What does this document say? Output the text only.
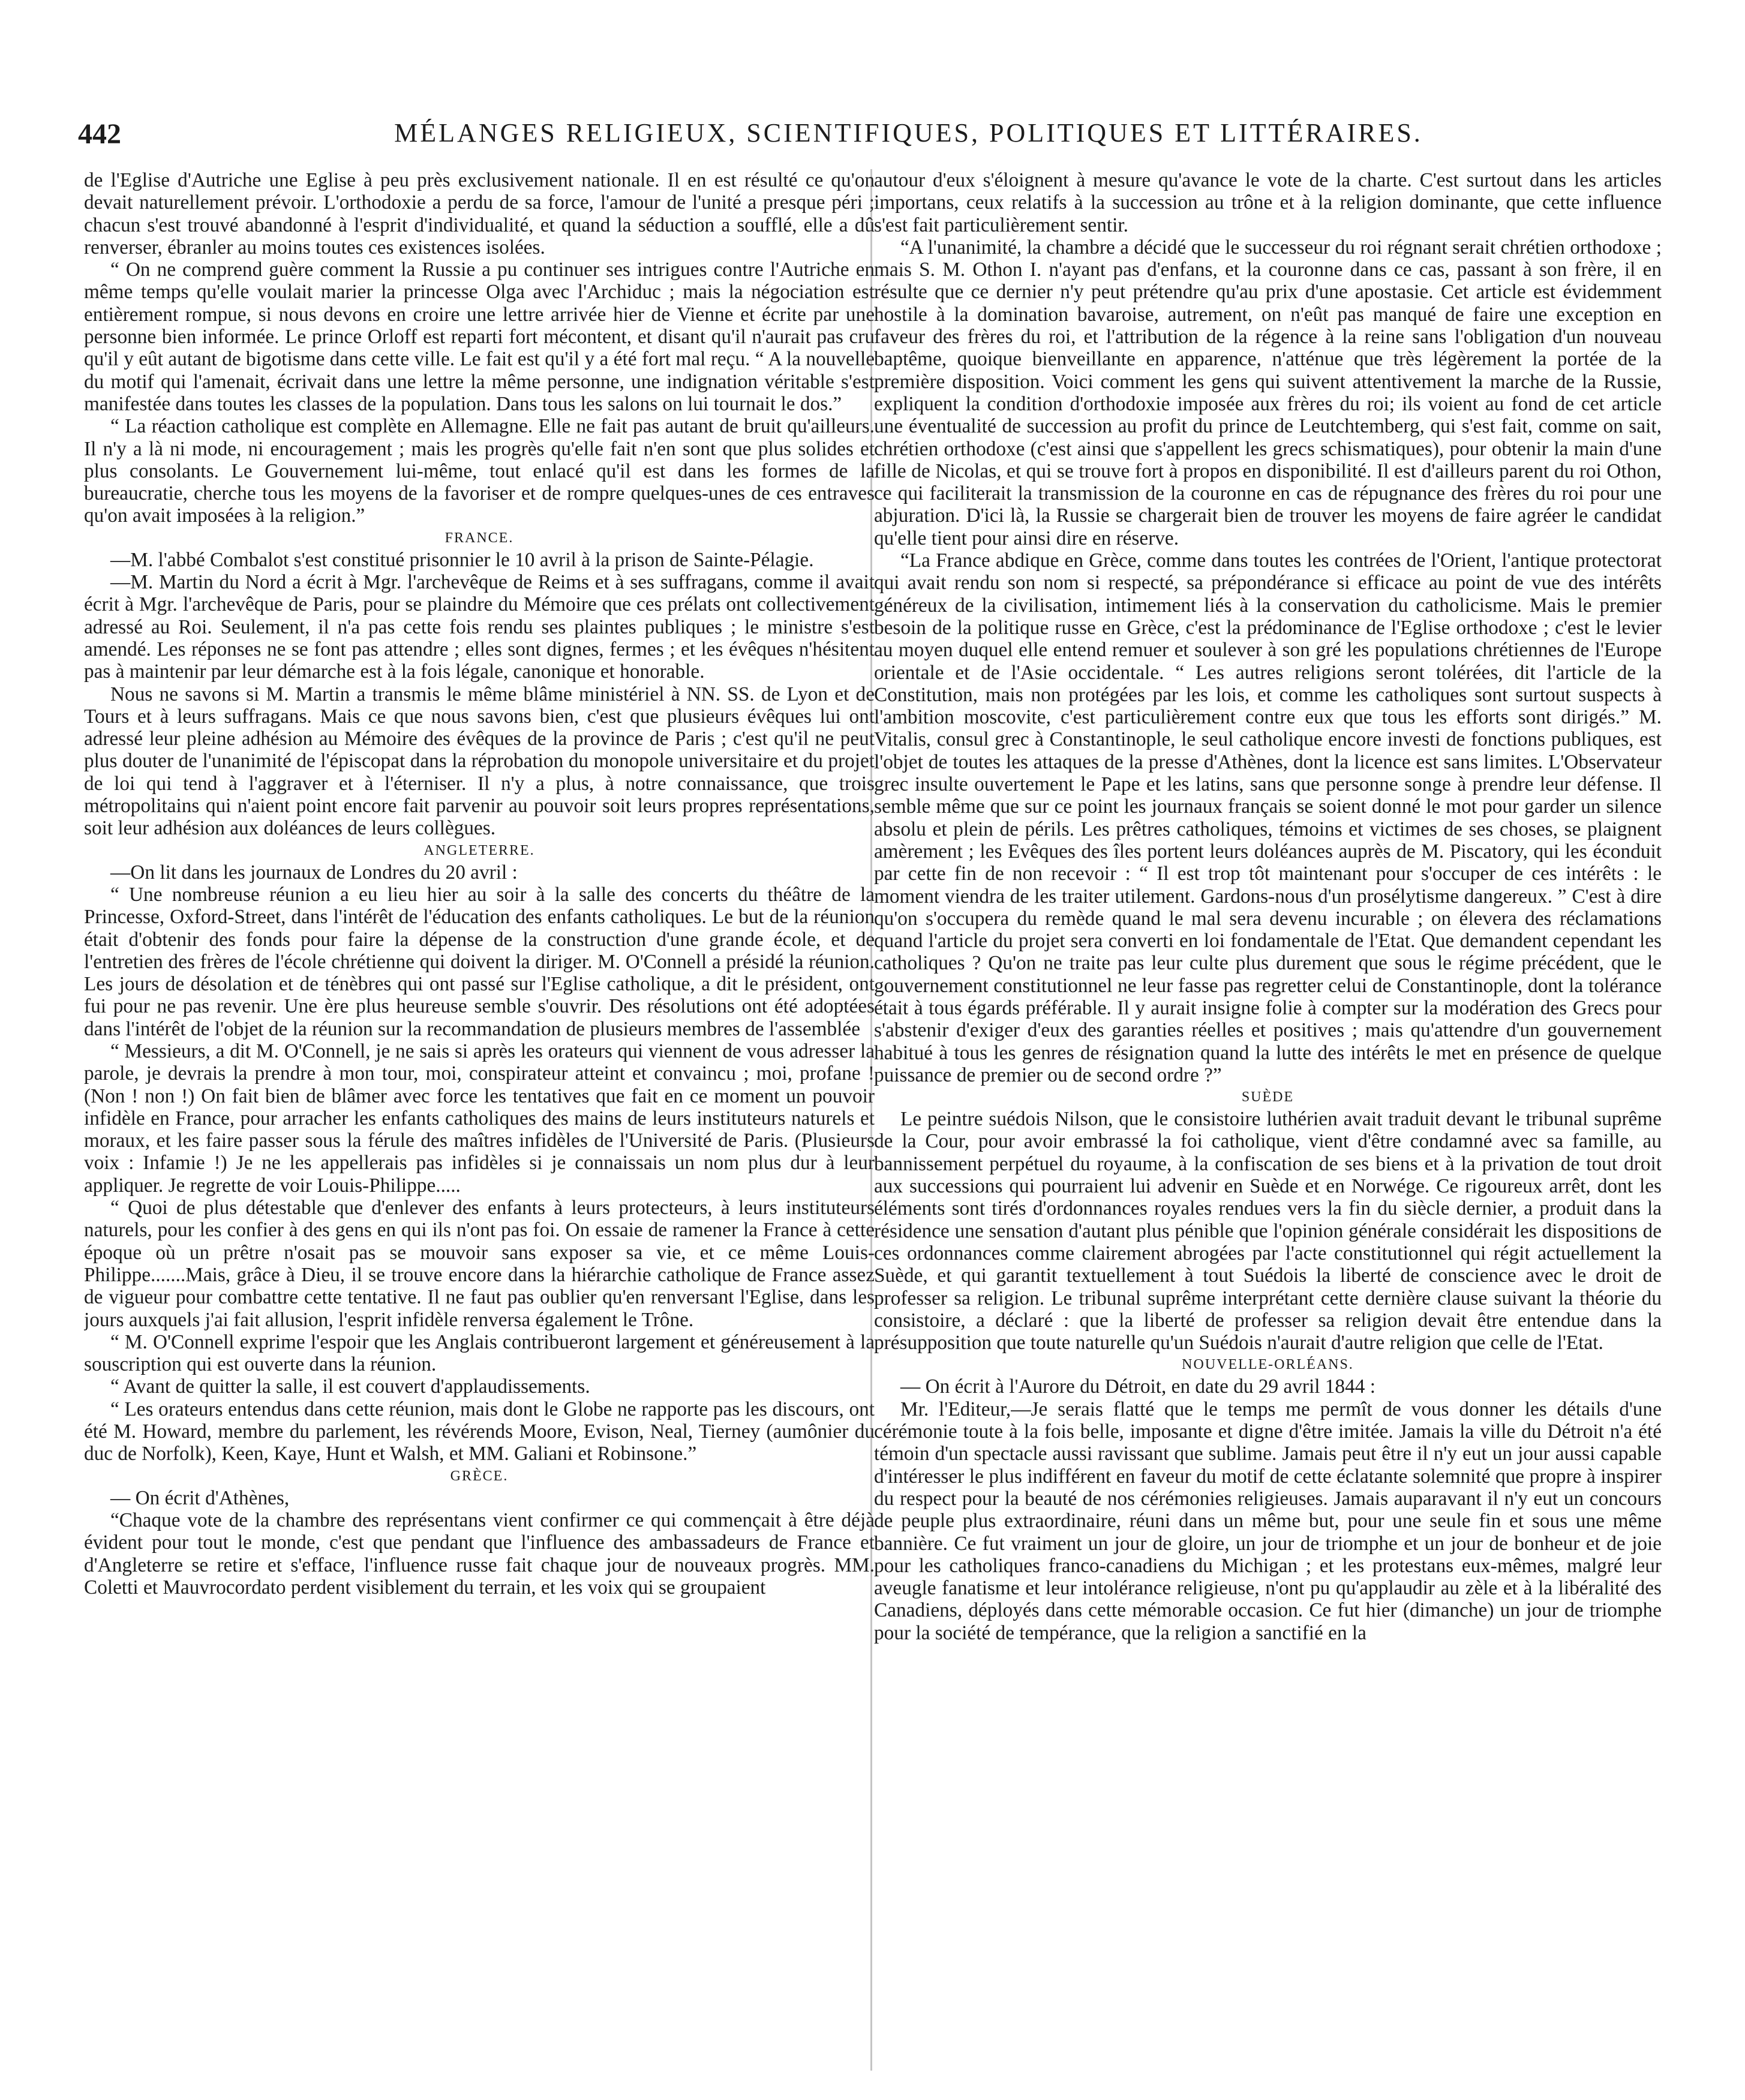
442	MÉLANGES RELIGIEUX, SCIENTIFIQUES, POLITIQUES ET LITTÉRAIRES.

de l'Eglise d'Autriche une Eglise à peu près exclusivement nationale. Il en est résulté ce qu'on devait naturellement prévoir. L'orthodoxie a perdu de sa force, l'amour de l'unité a presque péri ; chacun s'est trouvé abandonné à l'esprit d'individualité, et quand la séduction a soufflé, elle a dû renverser, ébranler au moins toutes ces existences isolées.

“ On ne comprend guère comment la Russie a pu continuer ses intrigues contre l'Autriche en même temps qu'elle voulait marier la princesse Olga avec l'Archiduc ; mais la négociation est entièrement rompue, si nous devons en croire une lettre arrivée hier de Vienne et écrite par une personne bien informée. Le prince Orloff est reparti fort mécontent, et disant qu'il n'aurait pas cru qu'il y eût autant de bigotisme dans cette ville. Le fait est qu'il y a été fort mal reçu. “ A la nouvelle du motif qui l'amenait, écrivait dans une lettre la même personne, une indignation véritable s'est manifestée dans toutes les classes de la population. Dans tous les salons on lui tournait le dos.”

“ La réaction catholique est complète en Allemagne. Elle ne fait pas autant de bruit qu'ailleurs. Il n'y a là ni mode, ni encouragement ; mais les progrès qu'elle fait n'en sont que plus solides et plus consolants. Le Gouvernement lui-même, tout enlacé qu'il est dans les formes de la bureaucratie, cherche tous les moyens de la favoriser et de rompre quelques-unes de ces entraves qu'on avait imposées à la religion.”

FRANCE.

—M. l'abbé Combalot s'est constitué prisonnier le 10 avril à la prison de Sainte-Pélagie.

—M. Martin du Nord a écrit à Mgr. l'archevêque de Reims et à ses suffragans, comme il avait écrit à Mgr. l'archevêque de Paris, pour se plaindre du Mémoire que ces prélats ont collectivement adressé au Roi. Seulement, il n'a pas cette fois rendu ses plaintes publiques ; le ministre s'est amendé. Les réponses ne se font pas attendre ; elles sont dignes, fermes ; et les évêques n'hésitent pas à maintenir par leur démarche est à la fois légale, canonique et honorable.

Nous ne savons si M. Martin a transmis le même blâme ministériel à NN. SS. de Lyon et de Tours et à leurs suffragans. Mais ce que nous savons bien, c'est que plusieurs évêques lui ont adressé leur pleine adhésion au Mémoire des évêques de la province de Paris ; c'est qu'il ne peut plus douter de l'unanimité de l'épiscopat dans la réprobation du monopole universitaire et du projet de loi qui tend à l'aggraver et à l'éterniser. Il n'y a plus, à notre connaissance, que trois métropolitains qui n'aient point encore fait parvenir au pouvoir soit leurs propres représentations, soit leur adhésion aux doléances de leurs collègues.

ANGLETERRE.

—On lit dans les journaux de Londres du 20 avril :

“ Une nombreuse réunion a eu lieu hier au soir à la salle des concerts du théâtre de la Princesse, Oxford-Street, dans l'intérêt de l'éducation des enfants catholiques. Le but de la réunion était d'obtenir des fonds pour faire la dépense de la construction d'une grande école, et de l'entretien des frères de l'école chrétienne qui doivent la diriger. M. O'Connell a présidé la réunion. Les jours de désolation et de ténèbres qui ont passé sur l'Eglise catholique, a dit le président, ont fui pour ne pas revenir. Une ère plus heureuse semble s'ouvrir. Des résolutions ont été adoptées dans l'intérêt de l'objet de la réunion sur la recommandation de plusieurs membres de l'assemblée

“ Messieurs, a dit M. O'Connell, je ne sais si après les orateurs qui viennent de vous adresser la parole, je devrais la prendre à mon tour, moi, conspirateur atteint et convaincu ; moi, profane ! (Non ! non !) On fait bien de blâmer avec force les tentatives que fait en ce moment un pouvoir infidèle en France, pour arracher les enfants catholiques des mains de leurs instituteurs naturels et moraux, et les faire passer sous la férule des maîtres infidèles de l'Université de Paris. (Plusieurs voix : Infamie !) Je ne les appellerais pas infidèles si je connaissais un nom plus dur à leur appliquer. Je regrette de voir Louis-Philippe.....

“ Quoi de plus détestable que d'enlever des enfants à leurs protecteurs, à leurs instituteurs naturels, pour les confier à des gens en qui ils n'ont pas foi. On essaie de ramener la France à cette époque où un prêtre n'osait pas se mouvoir sans exposer sa vie, et ce même Louis-Philippe.......Mais, grâce à Dieu, il se trouve encore dans la hiérarchie catholique de France assez de vigueur pour combattre cette tentative. Il ne faut pas oublier qu'en renversant l'Eglise, dans les jours auxquels j'ai fait allusion, l'esprit infidèle renversa également le Trône.

“ M. O'Connell exprime l'espoir que les Anglais contribueront largement et généreusement à la souscription qui est ouverte dans la réunion.

“ Avant de quitter la salle, il est couvert d'applaudissements.

“ Les orateurs entendus dans cette réunion, mais dont le Globe ne rapporte pas les discours, ont été M. Howard, membre du parlement, les révérends Moore, Evison, Neal, Tierney (aumônier du duc de Norfolk), Keen, Kaye, Hunt et Walsh, et MM. Galiani et Robinsone.”

GRÈCE.

— On écrit d'Athènes,

“Chaque vote de la chambre des représentans vient confirmer ce qui commençait à être déjà évident pour tout le monde, c'est que pendant que l'influence des ambassadeurs de France et d'Angleterre se retire et s'efface, l'influence russe fait chaque jour de nouveaux progrès. MM. Coletti et Mauvrocordato perdent visiblement du terrain, et les voix qui se groupaient

autour d'eux s'éloignent à mesure qu'avance le vote de la charte. C'est surtout dans les articles importans, ceux relatifs à la succession au trône et à la religion dominante, que cette influence s'est fait particulièrement sentir.

“A l'unanimité, la chambre a décidé que le successeur du roi régnant serait chrétien orthodoxe ; mais S. M. Othon I. n'ayant pas d'enfans, et la couronne dans ce cas, passant à son frère, il en résulte que ce dernier n'y peut prétendre qu'au prix d'une apostasie. Cet article est évidemment hostile à la domination bavaroise, autrement, on n'eût pas manqué de faire une exception en faveur des frères du roi, et l'attribution de la régence à la reine sans l'obligation d'un nouveau baptême, quoique bienveillante en apparence, n'atténue que très légèrement la portée de la première disposition. Voici comment les gens qui suivent attentivement la marche de la Russie, expliquent la condition d'orthodoxie imposée aux frères du roi; ils voient au fond de cet article une éventualité de succession au profit du prince de Leutchtemberg, qui s'est fait, comme on sait, chrétien orthodoxe (c'est ainsi que s'appellent les grecs schismatiques), pour obtenir la main d'une fille de Nicolas, et qui se trouve fort à propos en disponibilité. Il est d'ailleurs parent du roi Othon, ce qui faciliterait la transmission de la couronne en cas de répugnance des frères du roi pour une abjuration. D'ici là, la Russie se chargerait bien de trouver les moyens de faire agréer le candidat qu'elle tient pour ainsi dire en réserve.

“La France abdique en Grèce, comme dans toutes les contrées de l'Orient, l'antique protectorat qui avait rendu son nom si respecté, sa prépondérance si efficace au point de vue des intérêts généreux de la civilisation, intimement liés à la conservation du catholicisme. Mais le premier besoin de la politique russe en Grèce, c'est la prédominance de l'Eglise orthodoxe ; c'est le levier au moyen duquel elle entend remuer et soulever à son gré les populations chrétiennes de l'Europe orientale et de l'Asie occidentale. “ Les autres religions seront tolérées, dit l'article de la Constitution, mais non protégées par les lois, et comme les catholiques sont surtout suspects à l'ambition moscovite, c'est particulièrement contre eux que tous les efforts sont dirigés.” M. Vitalis, consul grec à Constantinople, le seul catholique encore investi de fonctions publiques, est l'objet de toutes les attaques de la presse d'Athènes, dont la licence est sans limites. L'Observateur grec insulte ouvertement le Pape et les latins, sans que personne songe à prendre leur défense. Il semble même que sur ce point les journaux français se soient donné le mot pour garder un silence absolu et plein de périls. Les prêtres catholiques, témoins et victimes de ses choses, se plaignent amèrement ; les Evêques des îles portent leurs doléances auprès de M. Piscatory, qui les éconduit par cette fin de non recevoir : “ Il est trop tôt maintenant pour s'occuper de ces intérêts : le moment viendra de les traiter utilement. Gardons-nous d'un prosélytisme dangereux. ” C'est à dire qu'on s'occupera du remède quand le mal sera devenu incurable ; on élevera des réclamations quand l'article du projet sera converti en loi fondamentale de l'Etat. Que demandent cependant les catholiques ? Qu'on ne traite pas leur culte plus durement que sous le régime précédent, que le gouvernement constitutionnel ne leur fasse pas regretter celui de Constantinople, dont la tolérance était à tous égards préférable. Il y aurait insigne folie à compter sur la modération des Grecs pour s'abstenir d'exiger d'eux des garanties réelles et positives ; mais qu'attendre d'un gouvernement habitué à tous les genres de résignation quand la lutte des intérêts le met en présence de quelque puissance de premier ou de second ordre ?”

SUÈDE

Le peintre suédois Nilson, que le consistoire luthérien avait traduit devant le tribunal suprême de la Cour, pour avoir embrassé la foi catholique, vient d'être condamné avec sa famille, au bannissement perpétuel du royaume, à la confiscation de ses biens et à la privation de tout droit aux successions qui pourraient lui advenir en Suède et en Norwége. Ce rigoureux arrêt, dont les éléments sont tirés d'ordonnances royales rendues vers la fin du siècle dernier, a produit dans la résidence une sensation d'autant plus pénible que l'opinion générale considérait les dispositions de ces ordonnances comme clairement abrogées par l'acte constitutionnel qui régit actuellement la Suède, et qui garantit textuellement à tout Suédois la liberté de conscience avec le droit de professer sa religion. Le tribunal suprême interprétant cette dernière clause suivant la théorie du consistoire, a déclaré : que la liberté de professer sa religion devait être entendue dans la présupposition que toute naturelle qu'un Suédois n'aurait d'autre religion que celle de l'Etat.

NOUVELLE-ORLÉANS.

— On écrit à l'Aurore du Détroit, en date du 29 avril 1844 :

Mr. l'Editeur,—Je serais flatté que le temps me permît de vous donner les détails d'une cérémonie toute à la fois belle, imposante et digne d'être imitée. Jamais la ville du Détroit n'a été témoin d'un spectacle aussi ravissant que sublime. Jamais peut être il n'y eut un jour aussi capable d'intéresser le plus indifférent en faveur du motif de cette éclatante solemnité que propre à inspirer du respect pour la beauté de nos cérémonies religieuses. Jamais auparavant il n'y eut un concours de peuple plus extraordinaire, réuni dans un même but, pour une seule fin et sous une même bannière. Ce fut vraiment un jour de gloire, un jour de triomphe et un jour de bonheur et de joie pour les catholiques franco-canadiens du Michigan ; et les protestans eux-mêmes, malgré leur aveugle fanatisme et leur intolérance religieuse, n'ont pu qu'applaudir au zèle et à la libéralité des Canadiens, déployés dans cette mémorable occasion. Ce fut hier (dimanche) un jour de triomphe pour la société de tempérance, que la religion a sanctifié en la
